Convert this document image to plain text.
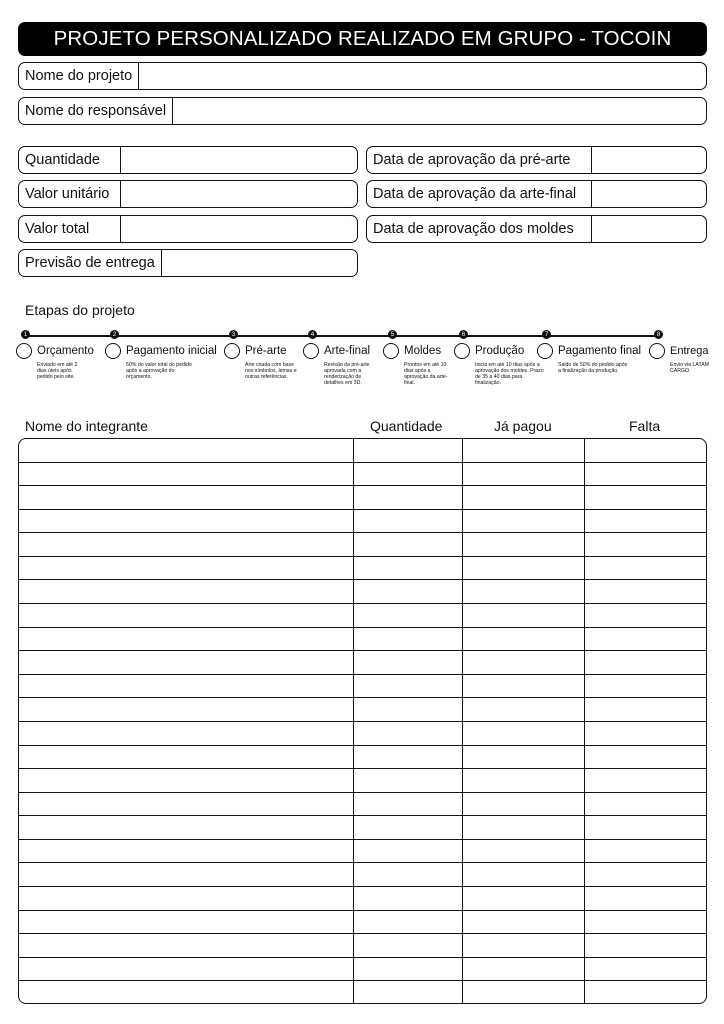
PROJETO PERSONALIZADO REALIZADO EM GRUPO - TOCOIN
Nome do projeto
Nome do responsável
Quantidade
Valor unitário
Valor total
Previsão de entrega
Data de aprovação da pré-arte
Data de aprovação da arte-final
Data de aprovação dos moldes
Etapas do projeto
1
Orçamento
Enviado em até 2 dias úteis após pedido pelo site.
2
Pagamento inicial
50% do valor total do pedido após a aprovação do orçamento.
3
Pré-arte
Arte criada com base nos símbolos, lemas e outras referências.
4
Arte-final
Revisão da pré-arte aprovada com a renderização de detalhes em 3D.
5
Moldes
Prontos em até 10 dias após a aprovação da arte-final.
6
Produção
Inicia em até 10 dias após a aprovação dos moldes. Prazo de 35 a 40 dias para finalização.
7
Pagamento final
Saldo de 50% do pedido após a finalização da produção.
8
Entrega
Envio via LATAM CARGO.
Nome do integrante	Quantidade	Já pagou	Falta
